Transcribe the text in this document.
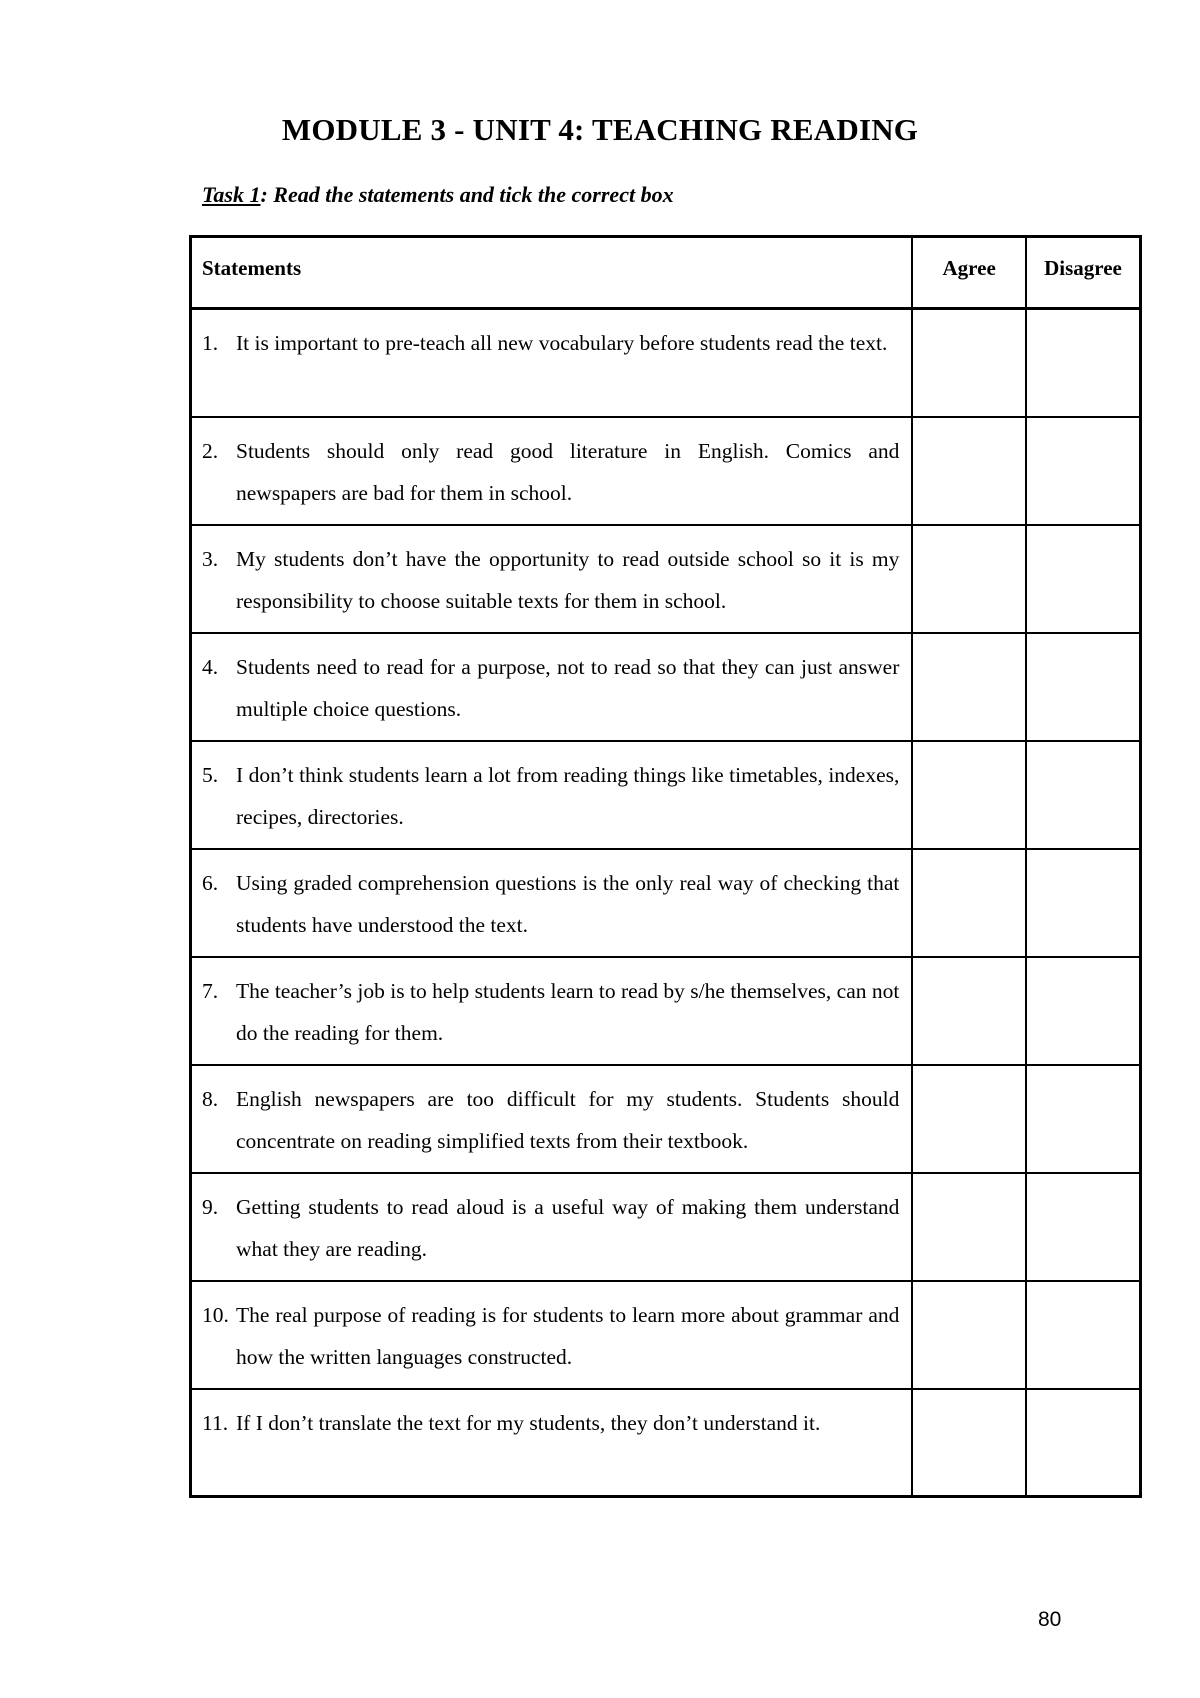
MODULE 3 - UNIT 4: TEACHING READING
Task 1: Read the statements and tick the correct box
Statements	Agree	Disagree

1. It is important to pre-teach all new vocabulary before students read the text.		

2. Students should only read good literature in English. Comics and newspapers are bad for them in school.		

3. My students don’t have the opportunity to read outside school so it is my responsibility to choose suitable texts for them in school.		

4. Students need to read for a purpose, not to read so that they can just answer multiple choice questions.		

5. I don’t think students learn a lot from reading things like timetables, indexes, recipes, directories.		

6. Using graded comprehension questions is the only real way of checking that students have understood the text.		

7. The teacher’s job is to help students learn to read by s/he themselves, can not do the reading for them.		

8. English newspapers are too difficult for my students. Students should concentrate on reading simplified texts from their textbook.		

9. Getting students to read aloud is a useful way of making them understand what they are reading.		

10. The real purpose of reading is for students to learn more about grammar and how the written languages constructed.		

11. If I don’t translate the text for my students, they don’t understand it.		

80
